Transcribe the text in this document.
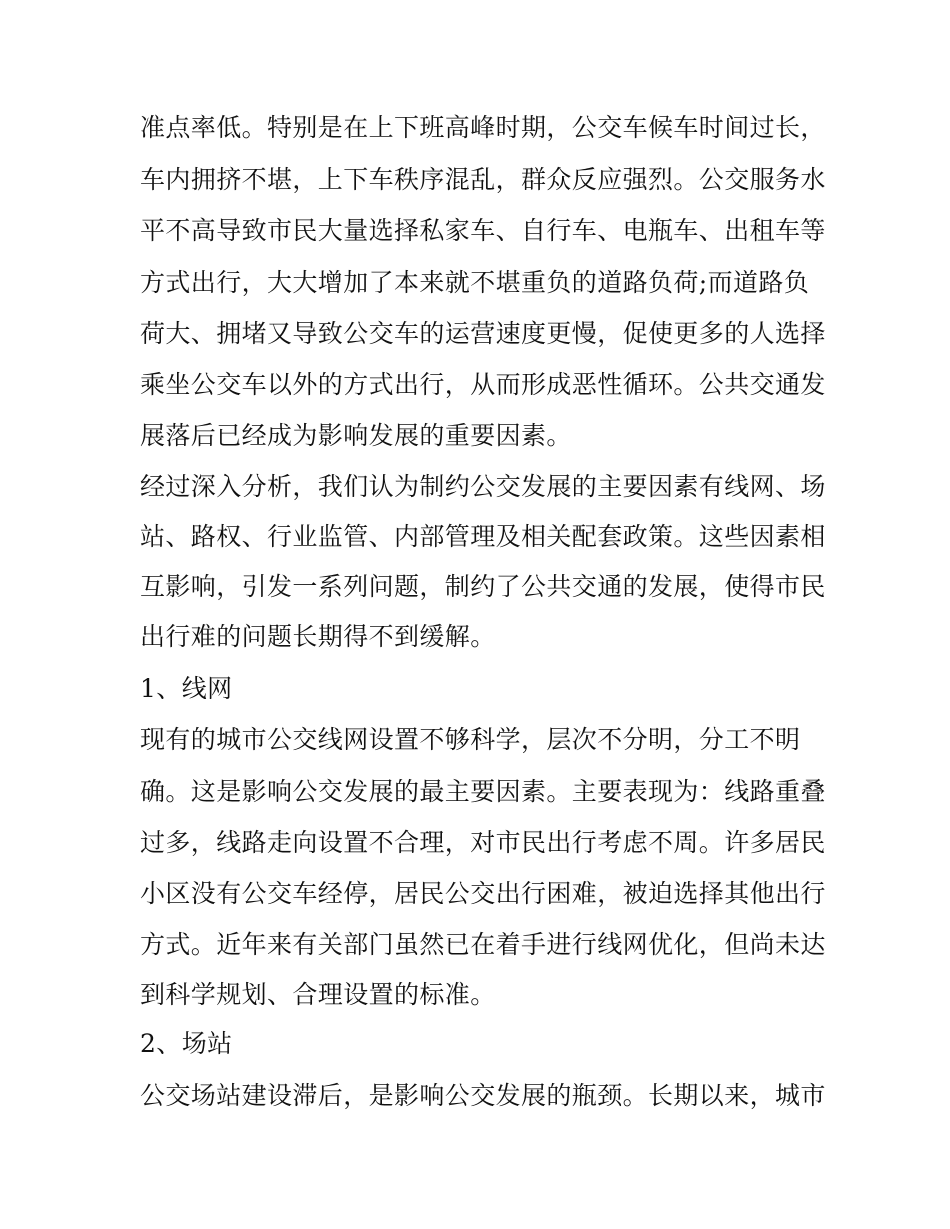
准点率低。特别是在上下班高峰时期，公交车候车时间过长，
车内拥挤不堪，上下车秩序混乱，群众反应强烈。公交服务水
平不高导致市民大量选择私家车、自行车、电瓶车、出租车等
方式出行，大大增加了本来就不堪重负的道路负荷;而道路负
荷大、拥堵又导致公交车的运营速度更慢，促使更多的人选择
乘坐公交车以外的方式出行，从而形成恶性循环。公共交通发
展落后已经成为影响发展的重要因素。
经过深入分析，我们认为制约公交发展的主要因素有线网、场
站、路权、行业监管、内部管理及相关配套政策。这些因素相
互影响，引发一系列问题，制约了公共交通的发展，使得市民
出行难的问题长期得不到缓解。
1、线网
现有的城市公交线网设置不够科学，层次不分明，分工不明
确。这是影响公交发展的最主要因素。主要表现为：线路重叠
过多，线路走向设置不合理，对市民出行考虑不周。许多居民
小区没有公交车经停，居民公交出行困难，被迫选择其他出行
方式。近年来有关部门虽然已在着手进行线网优化，但尚未达
到科学规划、合理设置的标准。
2、场站
公交场站建设滞后，是影响公交发展的瓶颈。长期以来，城市
